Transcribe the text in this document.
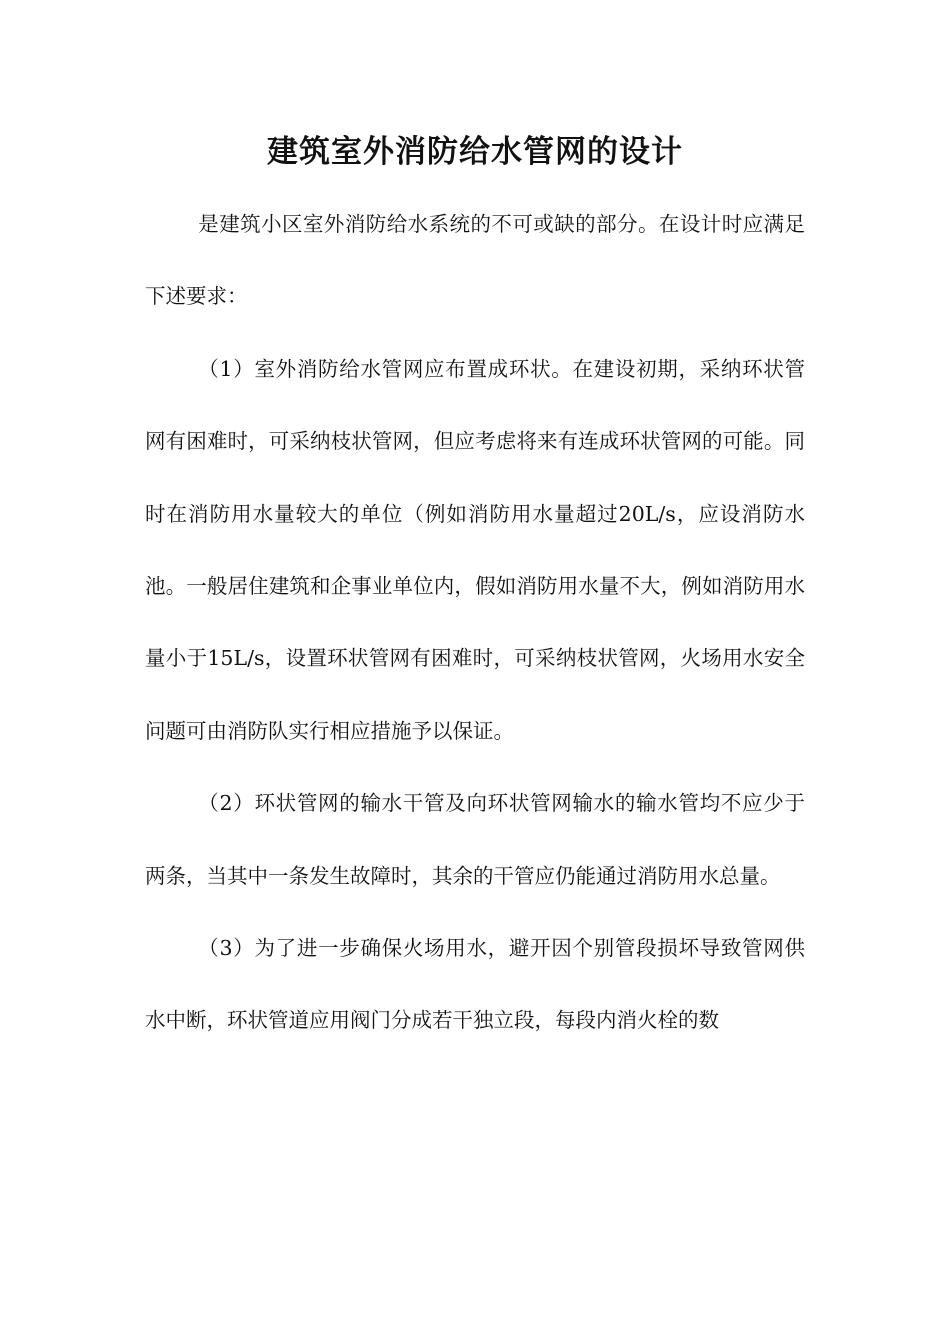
建筑室外消防给水管网的设计

是建筑小区室外消防给水系统的不可或缺的部分。在设计时应满足下述要求：

（1）室外消防给水管网应布置成环状。在建设初期，采纳环状管网有困难时，可采纳枝状管网，但应考虑将来有连成环状管网的可能。同时在消防用水量较大的单位（例如消防用水量超过20L/s，应设消防水池。一般居住建筑和企事业单位内，假如消防用水量不大，例如消防用水量小于15L/s，设置环状管网有困难时，可采纳枝状管网，火场用水安全问题可由消防队实行相应措施予以保证。

（2）环状管网的输水干管及向环状管网输水的输水管均不应少于两条，当其中一条发生故障时，其余的干管应仍能通过消防用水总量。

（3）为了进一步确保火场用水，避开因个别管段损坏导致管网供水中断，环状管道应用阀门分成若干独立段，每段内消火栓的数
